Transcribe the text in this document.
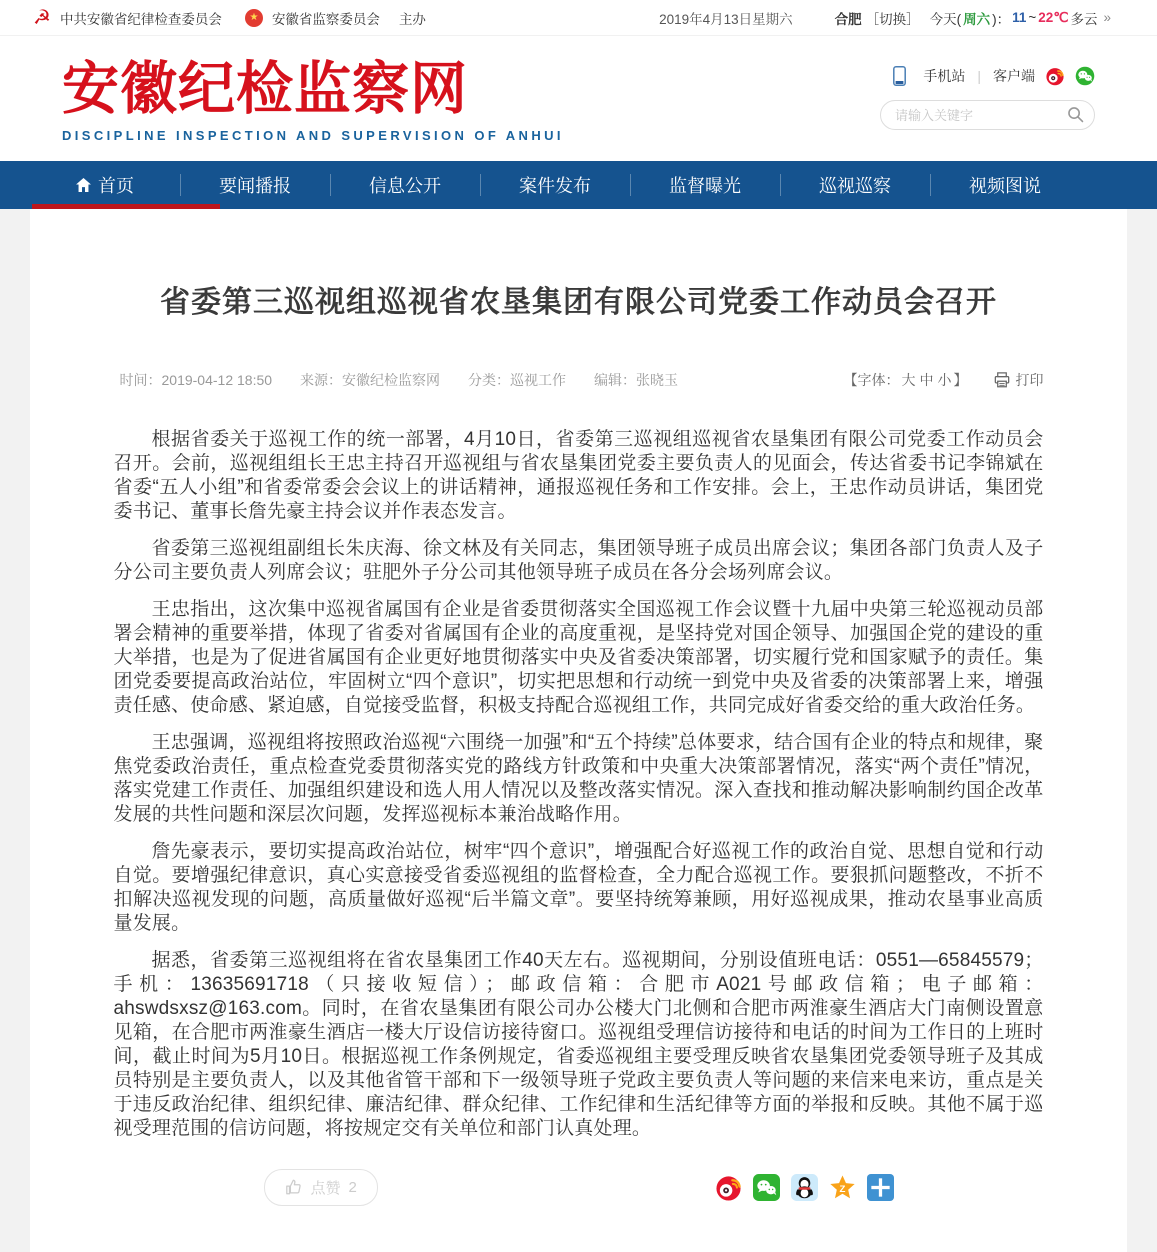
☭ 中共安徽省纪律检查委员会	★ 安徽省监察委员会 主办	2019年4月13日星期六	合肥 ［切换］ 今天( 周六 )： 11 ~ 22℃ 多云 »
安徽纪检监察网
DISCIPLINE INSPECTION AND SUPERVISION OF ANHUI
手机站 | 客户端
请输入关键字
首页	要闻播报	信息公开	案件发布	监督曝光	巡视巡察	视频图说
省委第三巡视组巡视省农垦集团有限公司党委工作动员会召开
时间：2019-04-12 18:50 来源：安徽纪检监察网 分类：巡视工作 编辑：张晓玉	【字体： 大 中 小 】	打印

根据省委关于巡视工作的统一部署，4月10日，省委第三巡视组巡视省农垦集团有限公司党委工作动员会召开。会前，巡视组组长王忠主持召开巡视组与省农垦集团党委主要负责人的见面会，传达省委书记李锦斌在省委“五人小组”和省委常委会会议上的讲话精神，通报巡视任务和工作安排。会上，王忠作动员讲话，集团党委书记、董事长詹先豪主持会议并作表态发言。

省委第三巡视组副组长朱庆海、徐文林及有关同志，集团领导班子成员出席会议；集团各部门负责人及子分公司主要负责人列席会议；驻肥外子分公司其他领导班子成员在各分会场列席会议。

王忠指出，这次集中巡视省属国有企业是省委贯彻落实全国巡视工作会议暨十九届中央第三轮巡视动员部署会精神的重要举措，体现了省委对省属国有企业的高度重视，是坚持党对国企领导、加强国企党的建设的重大举措，也是为了促进省属国有企业更好地贯彻落实中央及省委决策部署，切实履行党和国家赋予的责任。集团党委要提高政治站位，牢固树立“四个意识”，切实把思想和行动统一到党中央及省委的决策部署上来，增强责任感、使命感、紧迫感，自觉接受监督，积极支持配合巡视组工作，共同完成好省委交给的重大政治任务。

王忠强调，巡视组将按照政治巡视“六围绕一加强”和“五个持续”总体要求，结合国有企业的特点和规律，聚焦党委政治责任，重点检查党委贯彻落实党的路线方针政策和中央重大决策部署情况，落实“两个责任”情况，落实党建工作责任、加强组织建设和选人用人情况以及整改落实情况。深入查找和推动解决影响制约国企改革发展的共性问题和深层次问题，发挥巡视标本兼治战略作用。

詹先豪表示，要切实提高政治站位，树牢“四个意识”，增强配合好巡视工作的政治自觉、思想自觉和行动自觉。要增强纪律意识，真心实意接受省委巡视组的监督检查，全力配合巡视工作。要狠抓问题整改，不折不扣解决巡视发现的问题，高质量做好巡视“后半篇文章”。要坚持统筹兼顾，用好巡视成果，推动农垦事业高质量发展。

据悉，省委第三巡视组将在省农垦集团工作40天左右。巡视期间，分别设值班电话：0551—65845579；手机：13635691718（只接收短信）；邮政信箱：合肥市A021号邮政信箱；电子邮箱：ahswdsxsz@163.com。同时，在省农垦集团有限公司办公楼大门北侧和合肥市两淮豪生酒店大门南侧设置意见箱，在合肥市两淮豪生酒店一楼大厅设信访接待窗口。巡视组受理信访接待和电话的时间为工作日的上班时间，截止时间为5月10日。根据巡视工作条例规定，省委巡视组主要受理反映省农垦集团党委领导班子及其成员特别是主要负责人，以及其他省管干部和下一级领导班子党政主要负责人等问题的来信来电来访，重点是关于违反政治纪律、组织纪律、廉洁纪律、群众纪律、工作纪律和生活纪律等方面的举报和反映。其他不属于巡视受理范围的信访问题，将按规定交有关单位和部门认真处理。

点赞 2	Z
